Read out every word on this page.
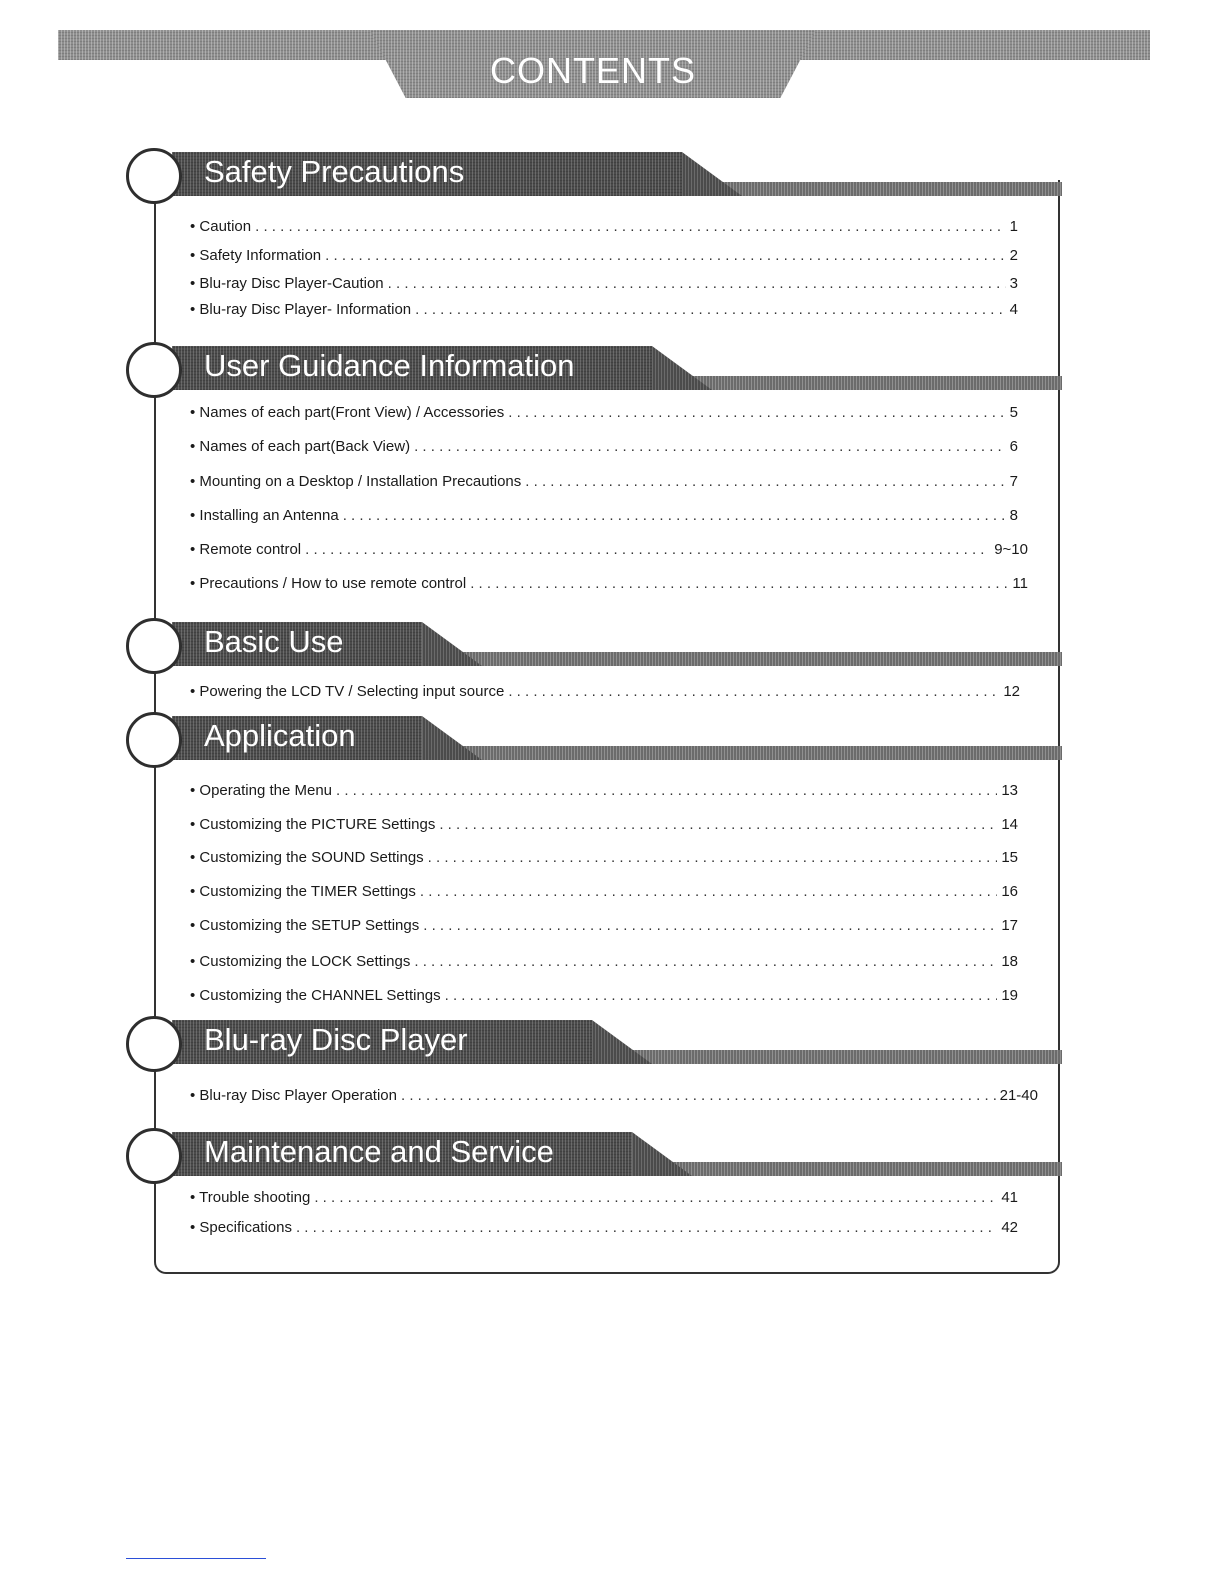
CONTENTS
Safety Precautions
• Caution . . .	1
• Safety Information . . .	2
• Blu-ray Disc Player-Caution . . .	3
• Blu-ray Disc Player- Information . . .	4
User Guidance Information
• Names of each part(Front View) / Accessories . . .	5
• Names of each part(Back View) . . .	6
• Mounting on a Desktop / Installation Precautions . . .	7
• Installing an Antenna . . .	8
• Remote control . . .	9~10
• Precautions / How to use remote control . . .	11
Basic Use
• Powering the LCD TV / Selecting input source . . .	12
Application
• Operating the Menu . . .	13
• Customizing the PICTURE Settings . . .	14
• Customizing the SOUND Settings . . .	15
• Customizing the TIMER Settings . . .	16
• Customizing the SETUP Settings . . .	17
• Customizing the LOCK Settings . . .	18
• Customizing the CHANNEL Settings . . .	19
Blu-ray Disc Player
• Blu-ray Disc Player Operation . . .	21-40
Maintenance and Service
• Trouble shooting . . .	41
• Specifications . . .	42
